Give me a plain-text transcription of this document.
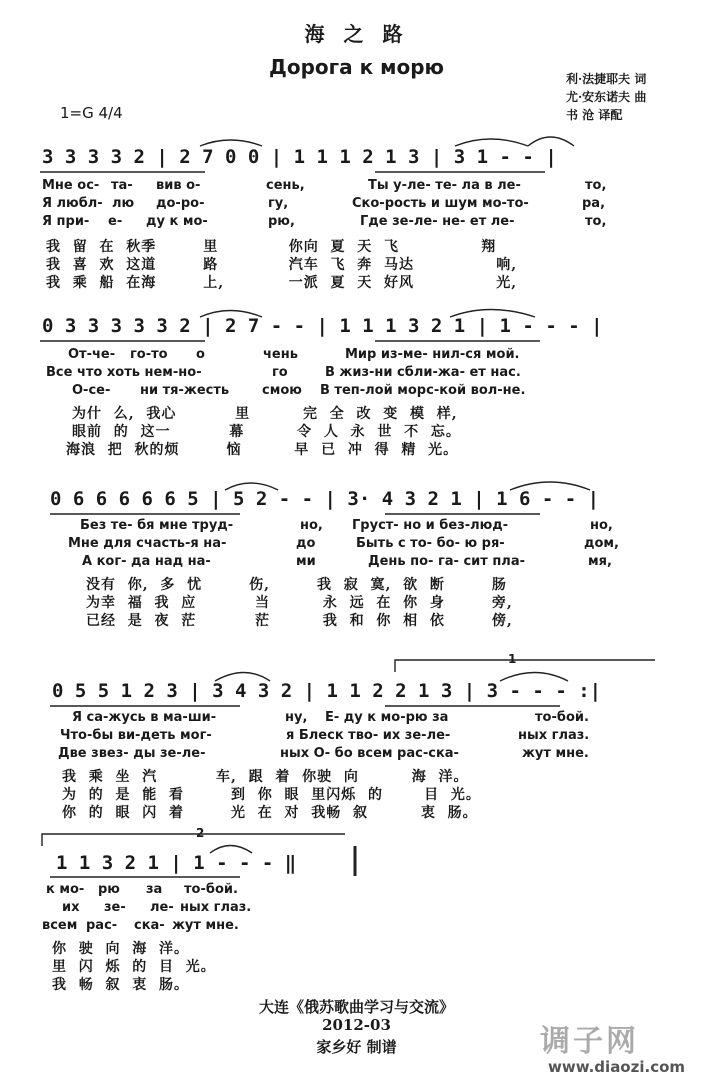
海 之 路
Дорога к морю	利·法捷耶夫 词
尤·安东诺夫 曲
书 沧 译配
1=G 4/4
3 3 3 3 2 | 2 7 0 0 | 1 1 1 2 1 3 | 3 1 - - |
Мне ос- та- вив о-	сень,	Ты у-ле- те- ла в ле-	то,
Я любл- лю до-ро-	гу,	Ско-рость и шум мо-то-	ра,
Я при- е- ду к мо-	рю,	Где зе-ле- не- ет ле-	то,
我  留  在  秋季        里            你向  夏  天  飞              翔
我  喜  欢  这道        路            汽车  飞  奔  马达              响,
我  乘  船  在海        上,           一派  夏  天  好风              光,
0 3 3 3 3 3 2 | 2 7 - - | 1 1 1 3 2 1 | 1 - - - |
От-че- го-то о	чень	Мир из-ме- нил-ся мой.
Все что хоть нем-но-	го	В жиз-ни сбли-жа- ет нас.
О-се- ни тя-жесть	смою В теп-лой морс-кой вол-не.
为什  么,  我心          里         完  全  改  变  模  样,
眼前  的  这一          幕         令  人  永  世  不  忘。
海浪  把  秋的烦        恼         早  已  冲  得  精  光。
0 6 6 6 6 6 5 | 5 2 - - | 3· 4 3 2 1 | 1 6 - - |
Без те- бя мне труд-	но, Груст- но и без-люд-	но,
Мне для счасть-я на-	до	Быть с то- бо- ю ря-	дом,
А ког- да над на-	ми	День по- га- сит пла-	мя,
没有  你,  多  忧        伤,        我  寂  寞,  欲  断        肠
为幸  福  我  应          当         永  远  在  你  身        旁,
已经  是  夜  茫          茫         我  和  你  相  依        傍,
0 5 5 1 2 3 | 3 4 3 2 | 1 1 2 2 1 3 | 3 - - - :|
Я са-жусь в ма-ши-	ну, Е- ду к мо-рю за	то-бой.
Что-бы ви-деть мог-	я Блеск тво- их зе-ле-	ных глаз.
Две звез- ды зе-ле-	ных О- бо всем рас-ска-	жут мне.
我  乘  坐  汽          车,  跟  着  你驶  向         海  洋。
为  的  是  能  看        到  你  眼  里闪烁  的       目  光。
你  的  眼  闪  着        光  在  对  我畅  叙         衷  肠。
1
2
1 1 3 2 1 | 1 - - - ‖
к мо- рю за то-бой.
их зе- ле- ных глаз.
всем рас- ска- жут мне.
你  驶  向  海  洋。
里  闪  烁  的  目  光。
我  畅  叙  衷  肠。
大连《俄苏歌曲学习与交流》
2012-03
家乡好 制谱	调子网
www.diaozi.com
